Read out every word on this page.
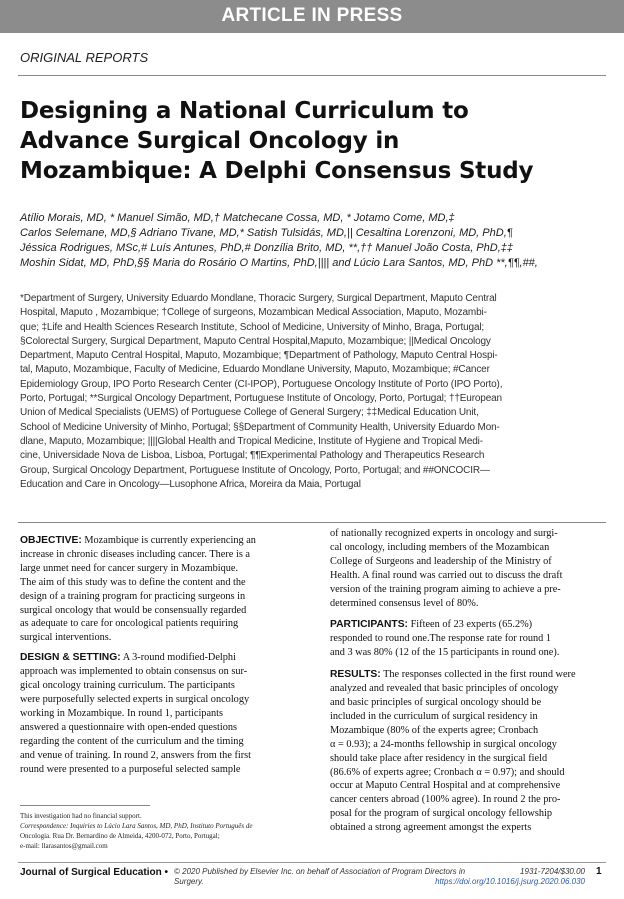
ARTICLE IN PRESS
ORIGINAL REPORTS
Designing a National Curriculum to
Advance Surgical Oncology in
Mozambique: A Delphi Consensus Study
Atílio Morais, MD, * Manuel Simão, MD,† Matchecane Cossa, MD, * Jotamo Come, MD,‡
Carlos Selemane, MD,§ Adriano Tivane, MD,* Satish Tulsidás, MD,|| Cesaltina Lorenzoni, MD, PhD,¶
Jéssica Rodrigues, MSc,# Luís Antunes, PhD,# Donzília Brito, MD, **,†† Manuel João Costa, PhD,‡‡
Moshin Sidat, MD, PhD,§§ Maria do Rosário O Martins, PhD,|||| and Lúcio Lara Santos, MD, PhD **,¶¶,##,
*Department of Surgery, University Eduardo Mondlane, Thoracic Surgery, Surgical Department, Maputo Central
Hospital, Maputo , Mozambique; †College of surgeons, Mozambican Medical Association, Maputo, Mozambi-
que; ‡Life and Health Sciences Research Institute, School of Medicine, University of Minho, Braga, Portugal;
§Colorectal Surgery, Surgical Department, Maputo Central Hospital,Maputo, Mozambique; ||Medical Oncology
Department, Maputo Central Hospital, Maputo, Mozambique; ¶Department of Pathology, Maputo Central Hospi-
tal, Maputo, Mozambique, Faculty of Medicine, Eduardo Mondlane University, Maputo, Mozambique; #Cancer
Epidemiology Group, IPO Porto Research Center (CI-IPOP), Portuguese Oncology Institute of Porto (IPO Porto),
Porto, Portugal; **Surgical Oncology Department, Portuguese Institute of Oncology, Porto, Portugal; ††European
Union of Medical Specialists (UEMS) of Portuguese College of General Surgery; ‡‡Medical Education Unit,
School of Medicine University of Minho, Portugal; §§Department of Community Health, University Eduardo Mon-
dlane, Maputo, Mozambique; ||||Global Health and Tropical Medicine, Institute of Hygiene and Tropical Medi-
cine, Universidade Nova de Lisboa, Lisboa, Portugal; ¶¶Experimental Pathology and Therapeutics Research
Group, Surgical Oncology Department, Portuguese Institute of Oncology, Porto, Portugal; and ##ONCOCIR—
Education and Care in Oncology—Lusophone Africa, Moreira da Maia, Portugal
OBJECTIVE: Mozambique is currently experiencing an
increase in chronic diseases including cancer. There is a
large unmet need for cancer surgery in Mozambique.
The aim of this study was to define the content and the
design of a training program for practicing surgeons in
surgical oncology that would be consensually regarded
as adequate to care for oncological patients requiring
surgical interventions.
DESIGN & SETTING: A 3-round modified-Delphi
approach was implemented to obtain consensus on sur-
gical oncology training curriculum. The participants
were purposefully selected experts in surgical oncology
working in Mozambique. In round 1, participants
answered a questionnaire with open-ended questions
regarding the content of the curriculum and the timing
and venue of training. In round 2, answers from the first
round were presented to a purposeful selected sample
of nationally recognized experts in oncology and surgi-
cal oncology, including members of the Mozambican
College of Surgeons and leadership of the Ministry of
Health. A final round was carried out to discuss the draft
version of the training program aiming to achieve a pre-
determined consensus level of 80%.
PARTICIPANTS: Fifteen of 23 experts (65.2%)
responded to round one.The response rate for round 1
and 3 was 80% (12 of the 15 participants in round one).
RESULTS: The responses collected in the first round were
analyzed and revealed that basic principles of oncology
and basic principles of surgical oncology should be
included in the curriculum of surgical residency in
Mozambique (80% of the experts agree; Cronbach
α = 0.93); a 24-months fellowship in surgical oncology
should take place after residency in the surgical field
(86.6% of experts agree; Cronbach α = 0.97); and should
occur at Maputo Central Hospital and at comprehensive
cancer centers abroad (100% agree). In round 2 the pro-
posal for the program of surgical oncology fellowship
obtained a strong agreement amongst the experts
This investigation had no financial support.
Correspondence: Inquiries to Lúcio Lara Santos, MD, PhD, Instituto Português de
Oncologia. Rua Dr. Bernardino de Almeida, 4200-072, Porto, Portugal;
e-mail: llarasantos@gmail.com
Journal of Surgical Education • © 2020 Published by Elsevier Inc. on behalf of Association of Program Directors in
Surgery.
1931-7204/$30.00
https://doi.org/10.1016/j.jsurg.2020.06.030
1
